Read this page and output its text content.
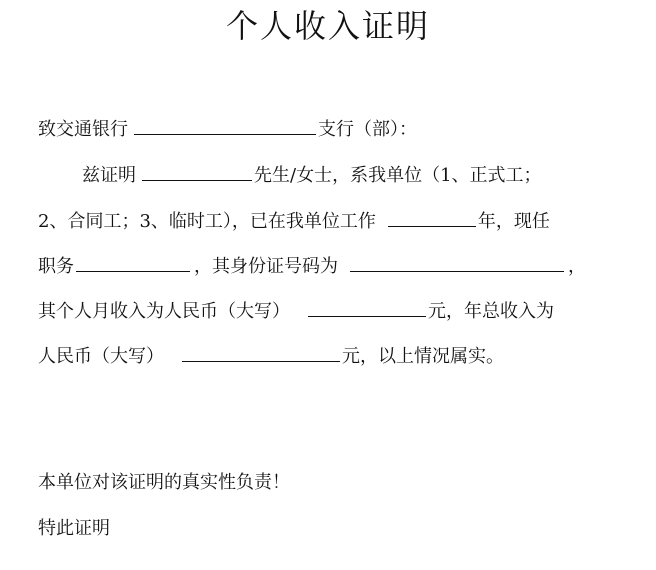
个人收入证明
致交通银行	支行（部）：
兹证明	先生/女士，系我单位（1、正式工；
2、合同工；3、临时工），已在我单位工作	年，现任
职务	，其身份证号码为	，
其个人月收入为人民币（大写）	元，年总收入为
人民币（大写）	元，以上情况属实。
本单位对该证明的真实性负责！
特此证明
